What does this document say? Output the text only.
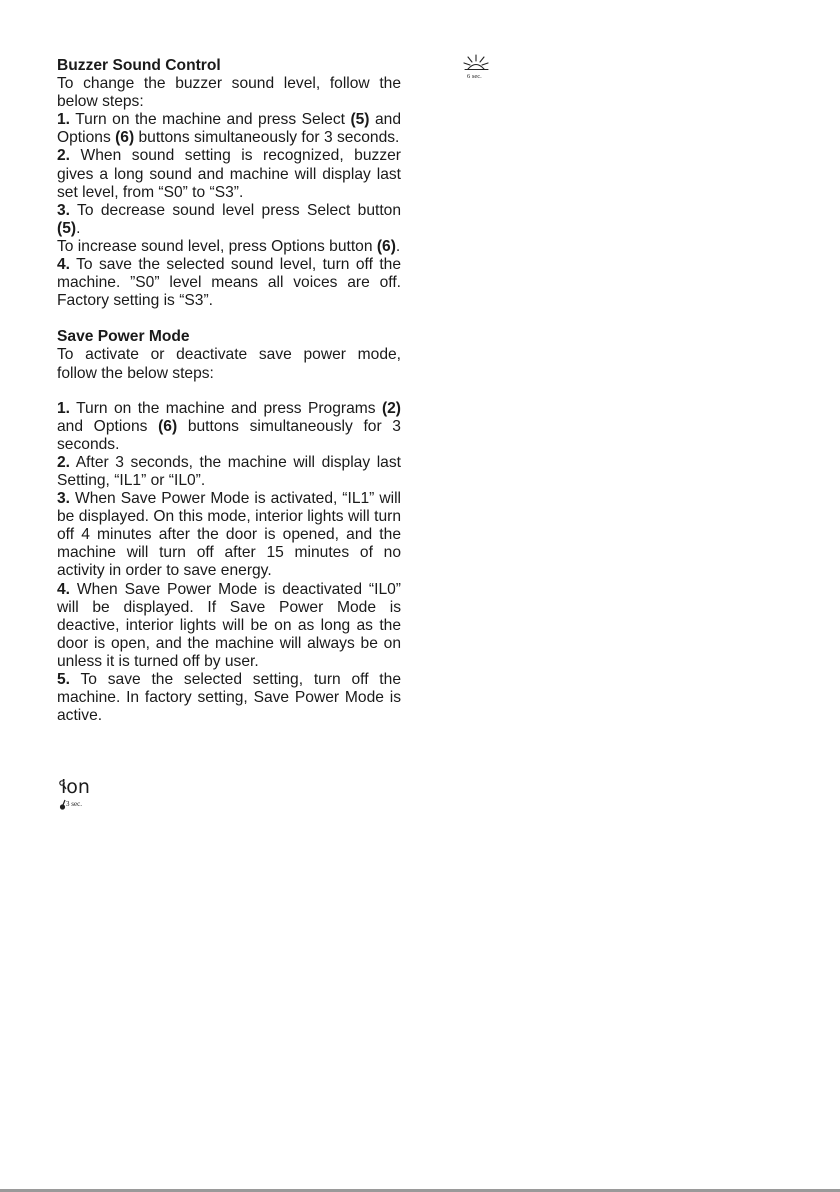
6 sec.
Buzzer Sound Control

To change the buzzer sound level, follow the below steps:

1. Turn on the machine and press Select (5) and Options (6) buttons simultaneously for 3 seconds.

2. When sound setting is recognized, buzzer gives a long sound and machine will display last set level, from “S0” to “S3”.

3. To decrease sound level press Select button (5).

To increase sound level, press Options button (6).

4. To save the selected sound level, turn off the machine. ”S0” level means all voices are off. Factory setting is “S3”.

Save Power Mode

To activate or deactivate save power mode, follow the below steps:

1. Turn on the machine and press Programs (2) and Options (6) buttons simultaneously for 3 seconds.

2. After 3 seconds, the machine will display last Setting, “IL1” or “IL0”.

3. When Save Power Mode is activated, “IL1” will be displayed. On this mode, interior lights will turn off 4 minutes after the door is opened, and the machine will turn off after 15 minutes of no activity in order to save energy.

4. When Save Power Mode is deactivated “IL0” will be displayed. If Save Power Mode is deactive, interior lights will be on as long as the door is open, and the machine will always be on unless it is turned off by user.

5. To save the selected setting, turn off the machine. In factory setting, Save Power Mode is active.

ion
3 sec.
